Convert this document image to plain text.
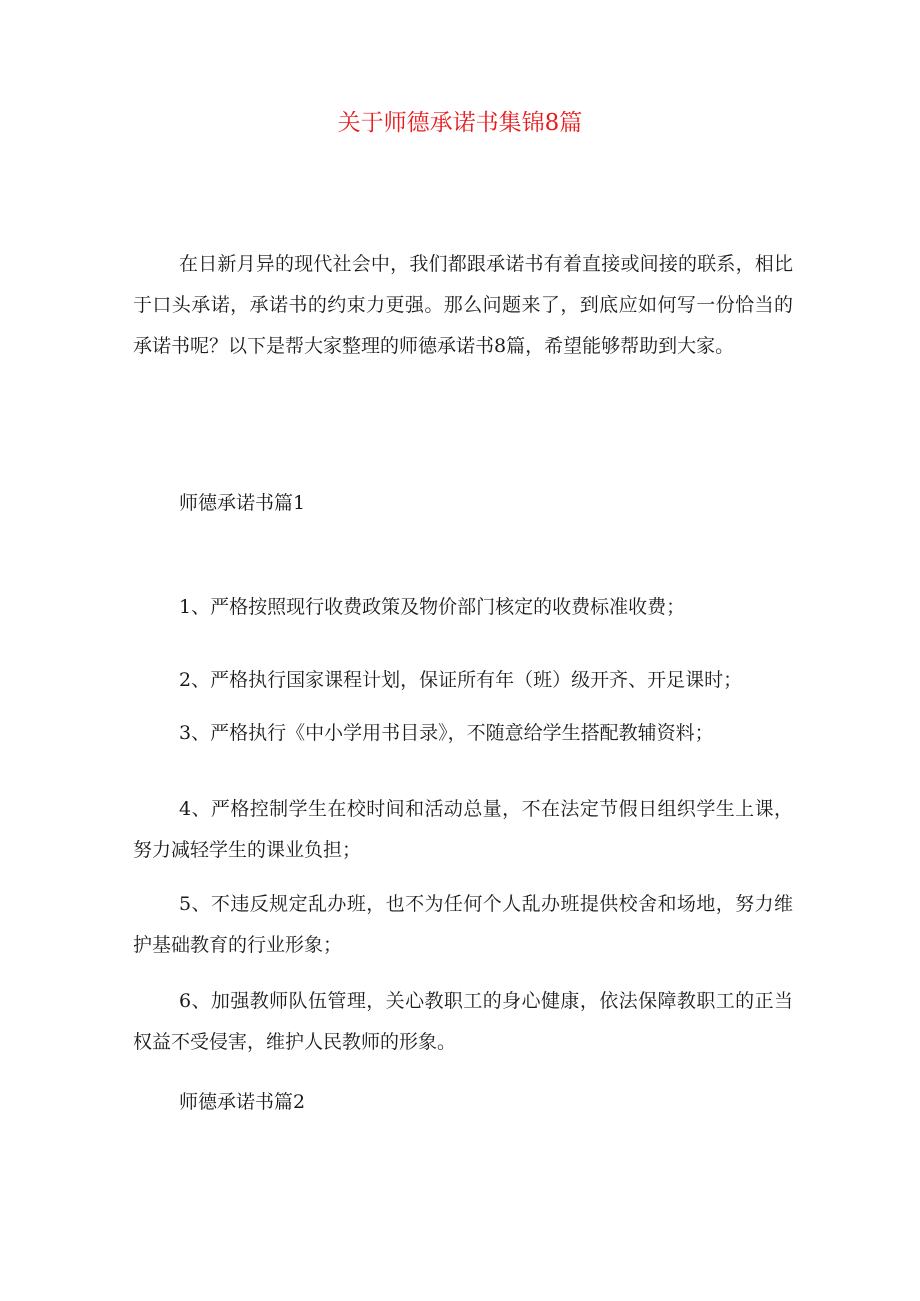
关于师德承诺书集锦8篇

在日新月异的现代社会中，我们都跟承诺书有着直接或间接的联系，相比于口头承诺，承诺书的约束力更强。那么问题来了，到底应如何写一份恰当的承诺书呢？以下是帮大家整理的师德承诺书8篇，希望能够帮助到大家。

师德承诺书篇1

1、严格按照现行收费政策及物价部门核定的收费标准收费；

2、严格执行国家课程计划，保证所有年（班）级开齐、开足课时；

3、严格执行《中小学用书目录》，不随意给学生搭配教辅资料；

4、严格控制学生在校时间和活动总量，不在法定节假日组织学生上课，努力减轻学生的课业负担；

5、不违反规定乱办班，也不为任何个人乱办班提供校舍和场地，努力维护基础教育的行业形象；

6、加强教师队伍管理，关心教职工的身心健康，依法保障教职工的正当权益不受侵害，维护人民教师的形象。

师德承诺书篇2
